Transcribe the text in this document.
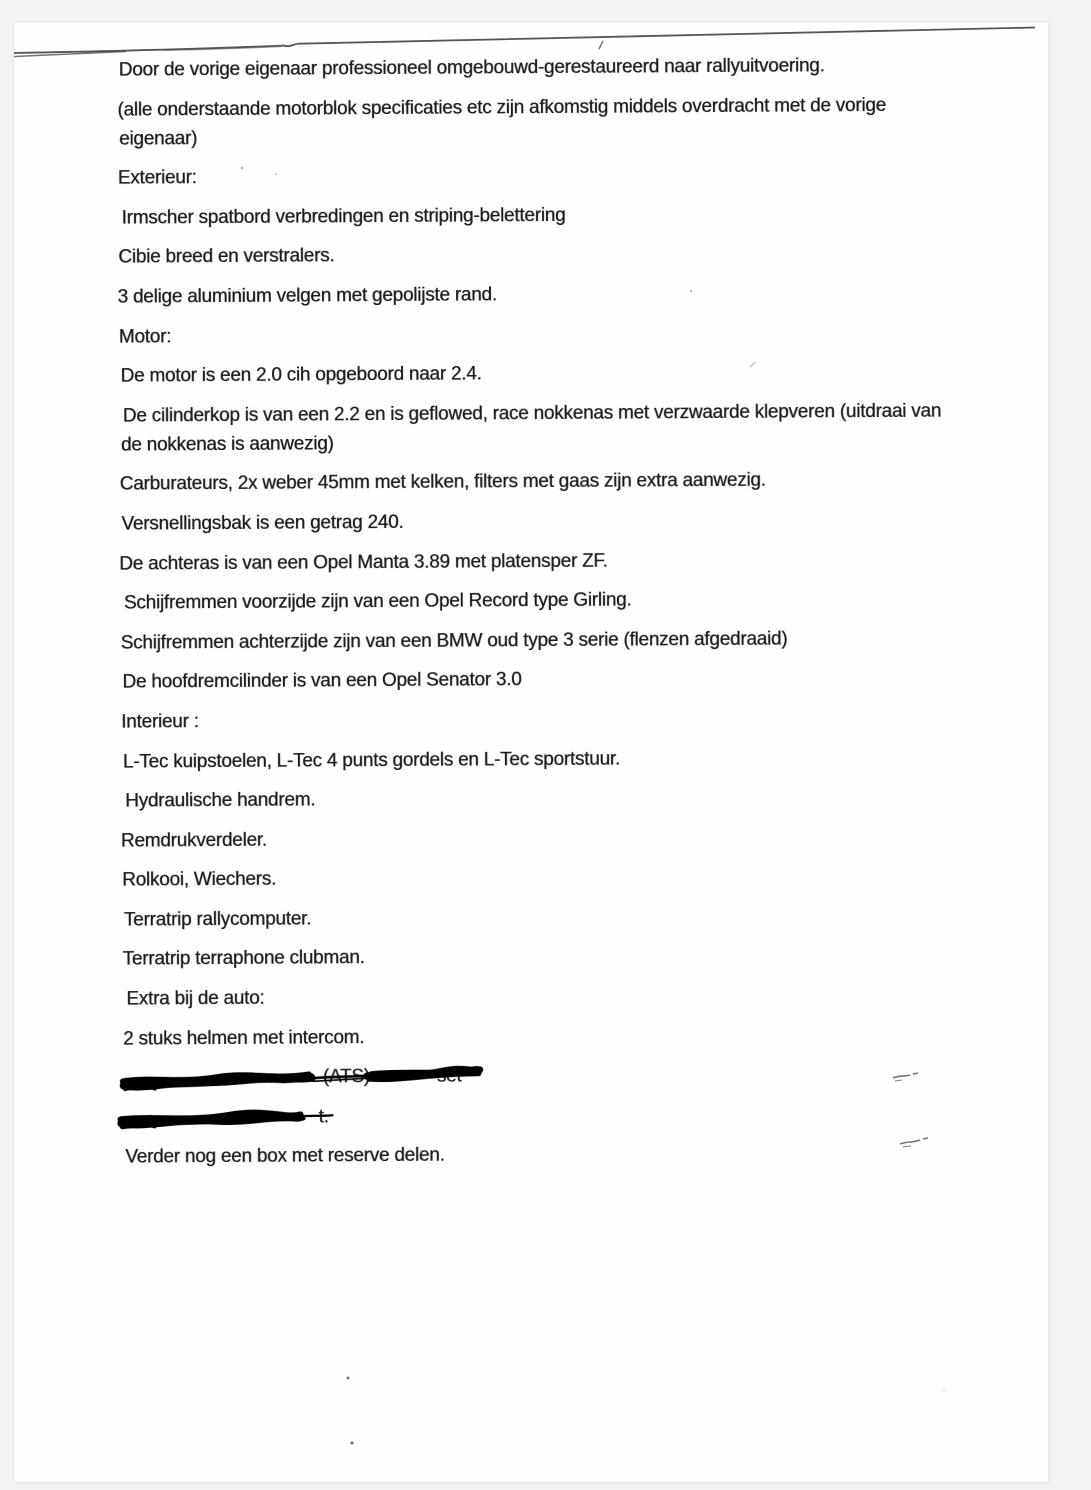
Door de vorige eigenaar professioneel omgebouwd-gerestaureerd naar rallyuitvoering.
(alle onderstaande motorblok specificaties etc zijn afkomstig middels overdracht met de vorige
eigenaar)
Exterieur:
Irmscher spatbord verbredingen en striping-belettering
Cibie breed en verstralers.
3 delige aluminium velgen met gepolijste rand.
Motor:
De motor is een 2.0 cih opgeboord naar 2.4.
De cilinderkop is van een 2.2 en is geflowed, race nokkenas met verzwaarde klepveren (uitdraai van
de nokkenas is aanwezig)
Carburateurs, 2x weber 45mm met kelken, filters met gaas zijn extra aanwezig.
Versnellingsbak is een getrag 240.
De achteras is van een Opel Manta 3.89 met platensper ZF.
Schijfremmen voorzijde zijn van een Opel Record type Girling.
Schijfremmen achterzijde zijn van een BMW oud type 3 serie (flenzen afgedraaid)
De hoofdremcilinder is van een Opel Senator 3.0
Interieur :
L-Tec kuipstoelen, L-Tec 4 punts gordels en L-Tec sportstuur.
Hydraulische handrem.
Remdrukverdeler.
Rolkooi, Wiechers.
Terratrip rallycomputer.
Terratrip terraphone clubman.
Extra bij de auto:
2 stuks helmen met intercom.
(ATS)	set
t.
Verder nog een box met reserve delen.
